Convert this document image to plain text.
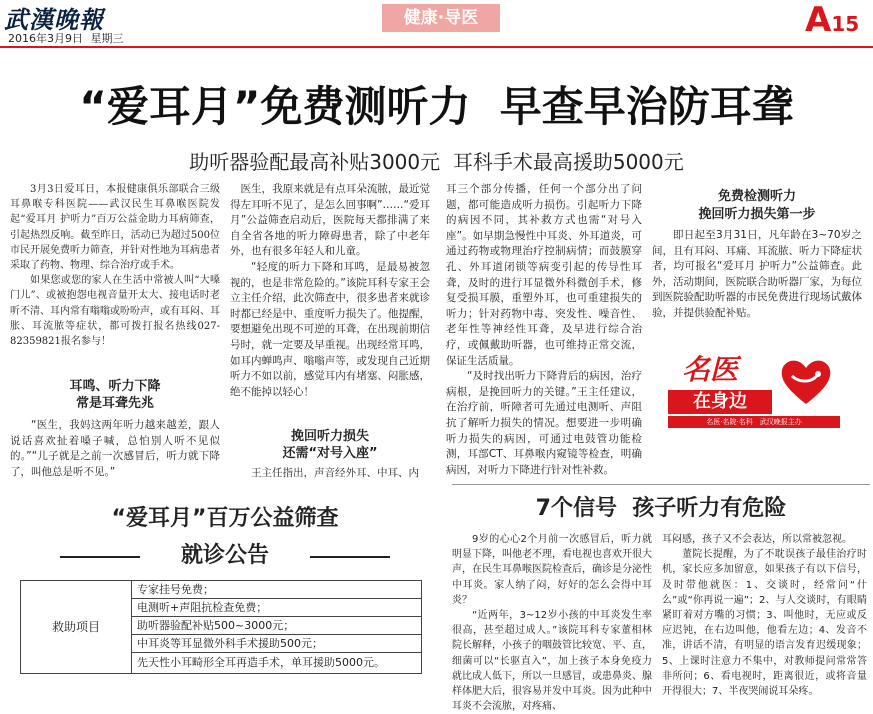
武漢晚報
2016年3月9日 星期三
健康·导医	A15
“爱耳月”免费测听力  早查早治防耳聋
助听器验配最高补贴3000元  耳科手术最高援助5000元

3月3日爱耳日，本报健康俱乐部联合三级耳鼻喉专科医院——武汉民生耳鼻喉医院发起“爱耳月 护听力”百万公益金助力耳病筛查，引起热烈反响。截至昨日，活动已为超过500位市民开展免费听力筛查，并针对性地为耳病患者采取了药物、物理、综合治疗或手术。

如果您或您的家人在生活中常被人叫“大嗓门儿”、或被抱怨电视音量开太大、接电话时老听不清、耳内常有嗡嗡或吩吩声，或有耳闷、耳胀、耳流脓等症状，都可拨打报名热线027-82359821报名参与！

耳鸣、听力下降
常是耳聋先兆

“医生，我妈这两年听力越来越差，跟人说话喜欢扯着嗓子喊，总怕别人听不见似的。”“儿子就是之前一次感冒后，听力就下降了，叫他总是听不见。”

医生，我原来就是有点耳朵流脓，最近觉得左耳听不见了，是怎么回事啊”……“爱耳月”公益筛查启动后，医院每天都排满了来自全省各地的听力障碍患者，除了中老年外，也有很多年轻人和儿童。

“轻度的听力下降和耳鸣，是最易被忽视的，也是非常危险的。”该院耳科专家王会立主任介绍，此次筛查中，很多患者来就诊时都已经是中、重度听力损失了。他提醒，要想避免出现不可逆的耳聋，在出现前期信号时，就一定要及早重视。出现经常耳鸣，如耳内蝉鸣声、嗡嗡声等，或发现自己近期听力不如以前，感觉耳内有堵塞、闷胀感，绝不能掉以轻心！

挽回听力损失
还需“对号入座”

王主任指出，声音经外耳、中耳、内

耳三个部分传播，任何一个部分出了问题，都可能造成听力损伤。引起听力下降的病因不同，其补救方式也需“对号入座”。如早期急慢性中耳炎、外耳道炎，可通过药物或物理治疗控制病情；而鼓膜穿孔、外耳道闭锁等病变引起的传导性耳聋，及时的进行耳显微外科微创手术，修复受损耳膜，重塑外耳，也可重建损失的听力；针对药物中毒、突发性、噪音性、老年性等神经性耳聋，及早进行综合治疗，或佩戴助听器，也可维持正常交流，保证生活质量。

“及时找出听力下降背后的病因，治疗病根，是挽回听力的关键。”王主任建议，在治疗前，听障者可先通过电测听、声阻抗了解听力损失的情况。想要进一步明确听力损失的病因，可通过电鼓管功能检测，耳部CT、耳鼻喉内窥镜等检查，明确病因，对听力下降进行针对性补救。

免费检测听力
挽回听力损失第一步

即日起至3月31日，凡年龄在3~70岁之间，且有耳闷、耳痛、耳流脓、听力下降症状者，均可报名“爱耳月 护听力”公益筛查。此外，活动期间，医院联合助听器厂家，为每位到医院验配助听器的市民免费进行现场试戴体验，并提供验配补贴。

名医
在身边
名医·名院·名科　武汉晚报主办
“爱耳月”百万公益筛查
就诊公告
救助项目
专家挂号免费；
电测听+声阻抗检查免费；
助听器验配补贴500~3000元；
中耳炎等耳显微外科手术援助500元；
先天性小耳畸形全耳再造手术，单耳援助5000元。
7个信号  孩子听力有危险

9岁的心心2个月前一次感冒后，听力就明显下降，叫他老不理，看电视也喜欢开很大声，在民生耳鼻喉医院检查后，确诊是分泌性中耳炎。家人纳了闷，好好的怎么会得中耳炎？

“近两年，3~12岁小孩的中耳炎发生率很高，甚至超过成人。”该院耳科专家董相林院长解释，小孩子的咽鼓管比较宽、平、直，细菌可以“长驱直入”，加上孩子本身免疫力就比成人低下，所以一旦感冒，或患鼻炎、腺样体肥大后，很容易并发中耳炎。因为此种中耳炎不会流脓，对疼痛、

耳闷感，孩子又不会表达，所以常被忽视。

董院长提醒，为了不耽误孩子最佳治疗时机，家长应多加留意，如果孩子有以下信号，及时带他就医：1、交谈时，经常问“什么”或“你再说一遍”；2、与人交谈时，有眼睛紧盯着对方嘴的习惯；3、叫他时，无应或反应迟钝，在右边叫他，他看左边；4、发音不准，讲话不清，有明显的语言发育迟缓现象；5、上课时注意力不集中，对教师提问常常答非所问；6、看电视时，距离很近，或将音量开得很大；7、半夜哭闹说耳朵疼。
